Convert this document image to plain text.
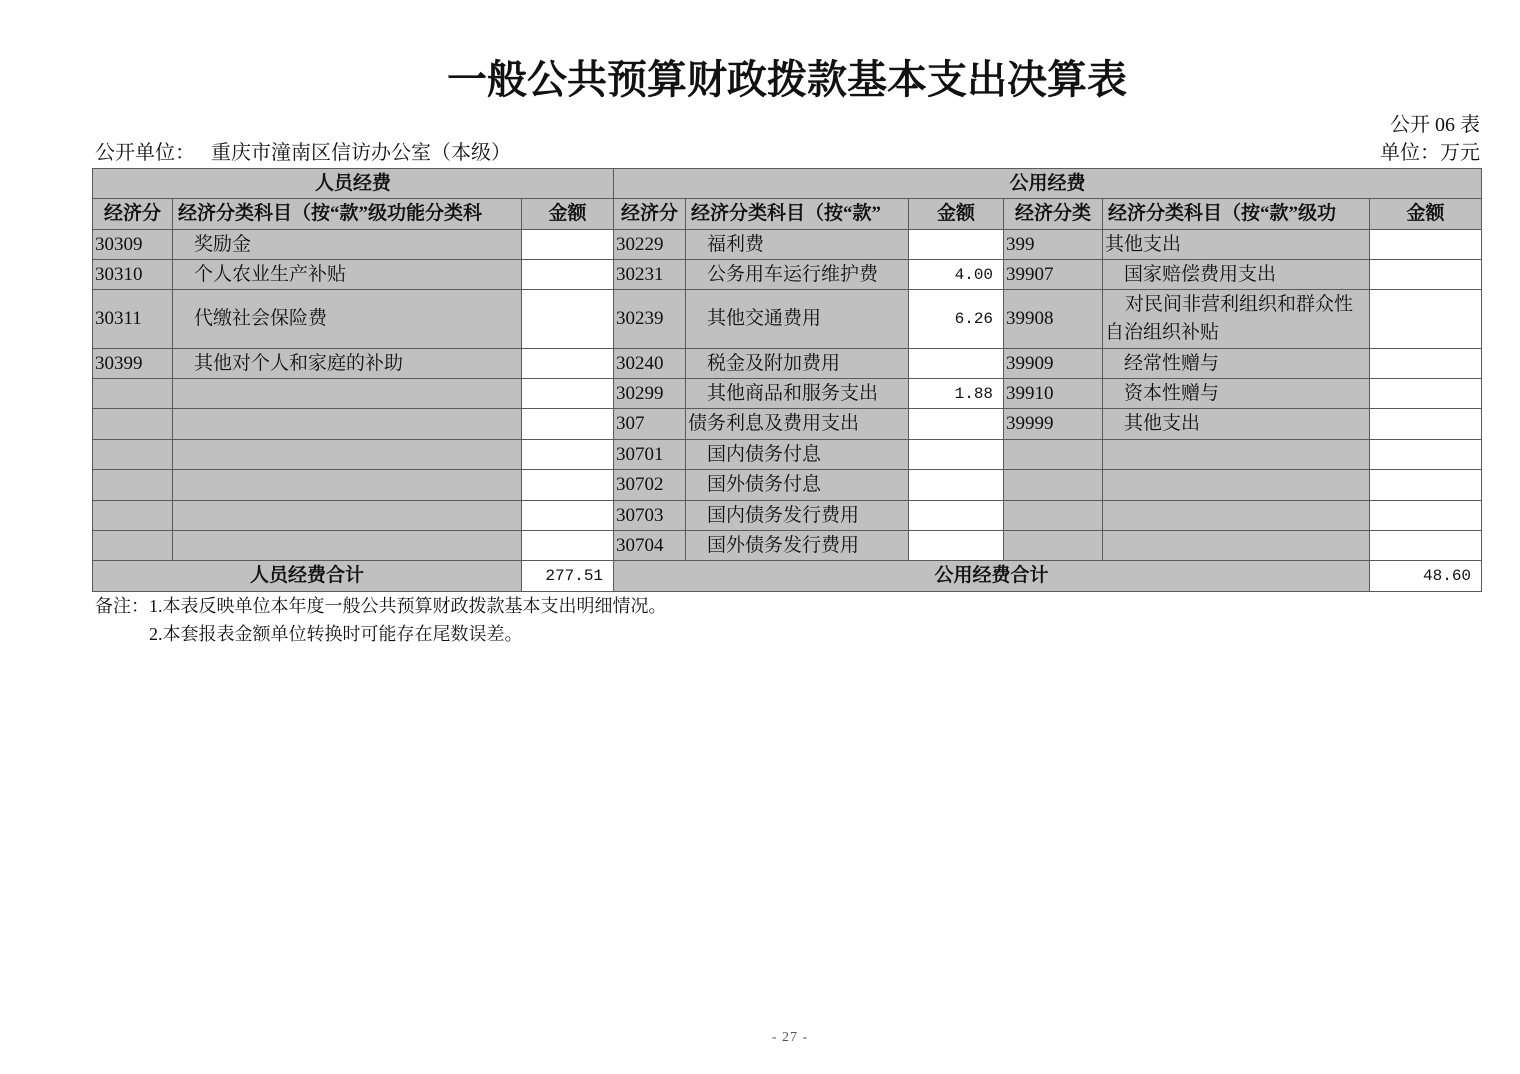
一般公共预算财政拨款基本支出决算表
公开 06 表
公开单位： 重庆市潼南区信访办公室（本级）	单位：万元
人员经费			公用经费					
经济分	经济分类科目（按“款”级功能分类科	金额	经济分	经济分类科目（按“款”	金额	经济分类	经济分类科目（按“款”级功	金额
30309	奖励金		30229	福利费		399	其他支出	
30310	个人农业生产补贴		30231	公务用车运行维护费	4.00	39907	国家赔偿费用支出	
30311	代缴社会保险费		30239	其他交通费用	6.26	39908	对民间非营利组织和群众性自治组织补贴	
30399	其他对个人和家庭的补助		30240	税金及附加费用		39909	经常性赠与	
			30299	其他商品和服务支出	1.88	39910	资本性赠与	
			307	债务利息及费用支出		39999	其他支出	
			30701	国内债务付息				
			30702	国外债务付息				
			30703	国内债务发行费用				
			30704	国外债务发行费用				
人员经费合计		277.51	公用经费合计					48.60
备注：1.本表反映单位本年度一般公共预算财政拨款基本支出明细情况。
2.本套报表金额单位转换时可能存在尾数误差。
- 27 -
